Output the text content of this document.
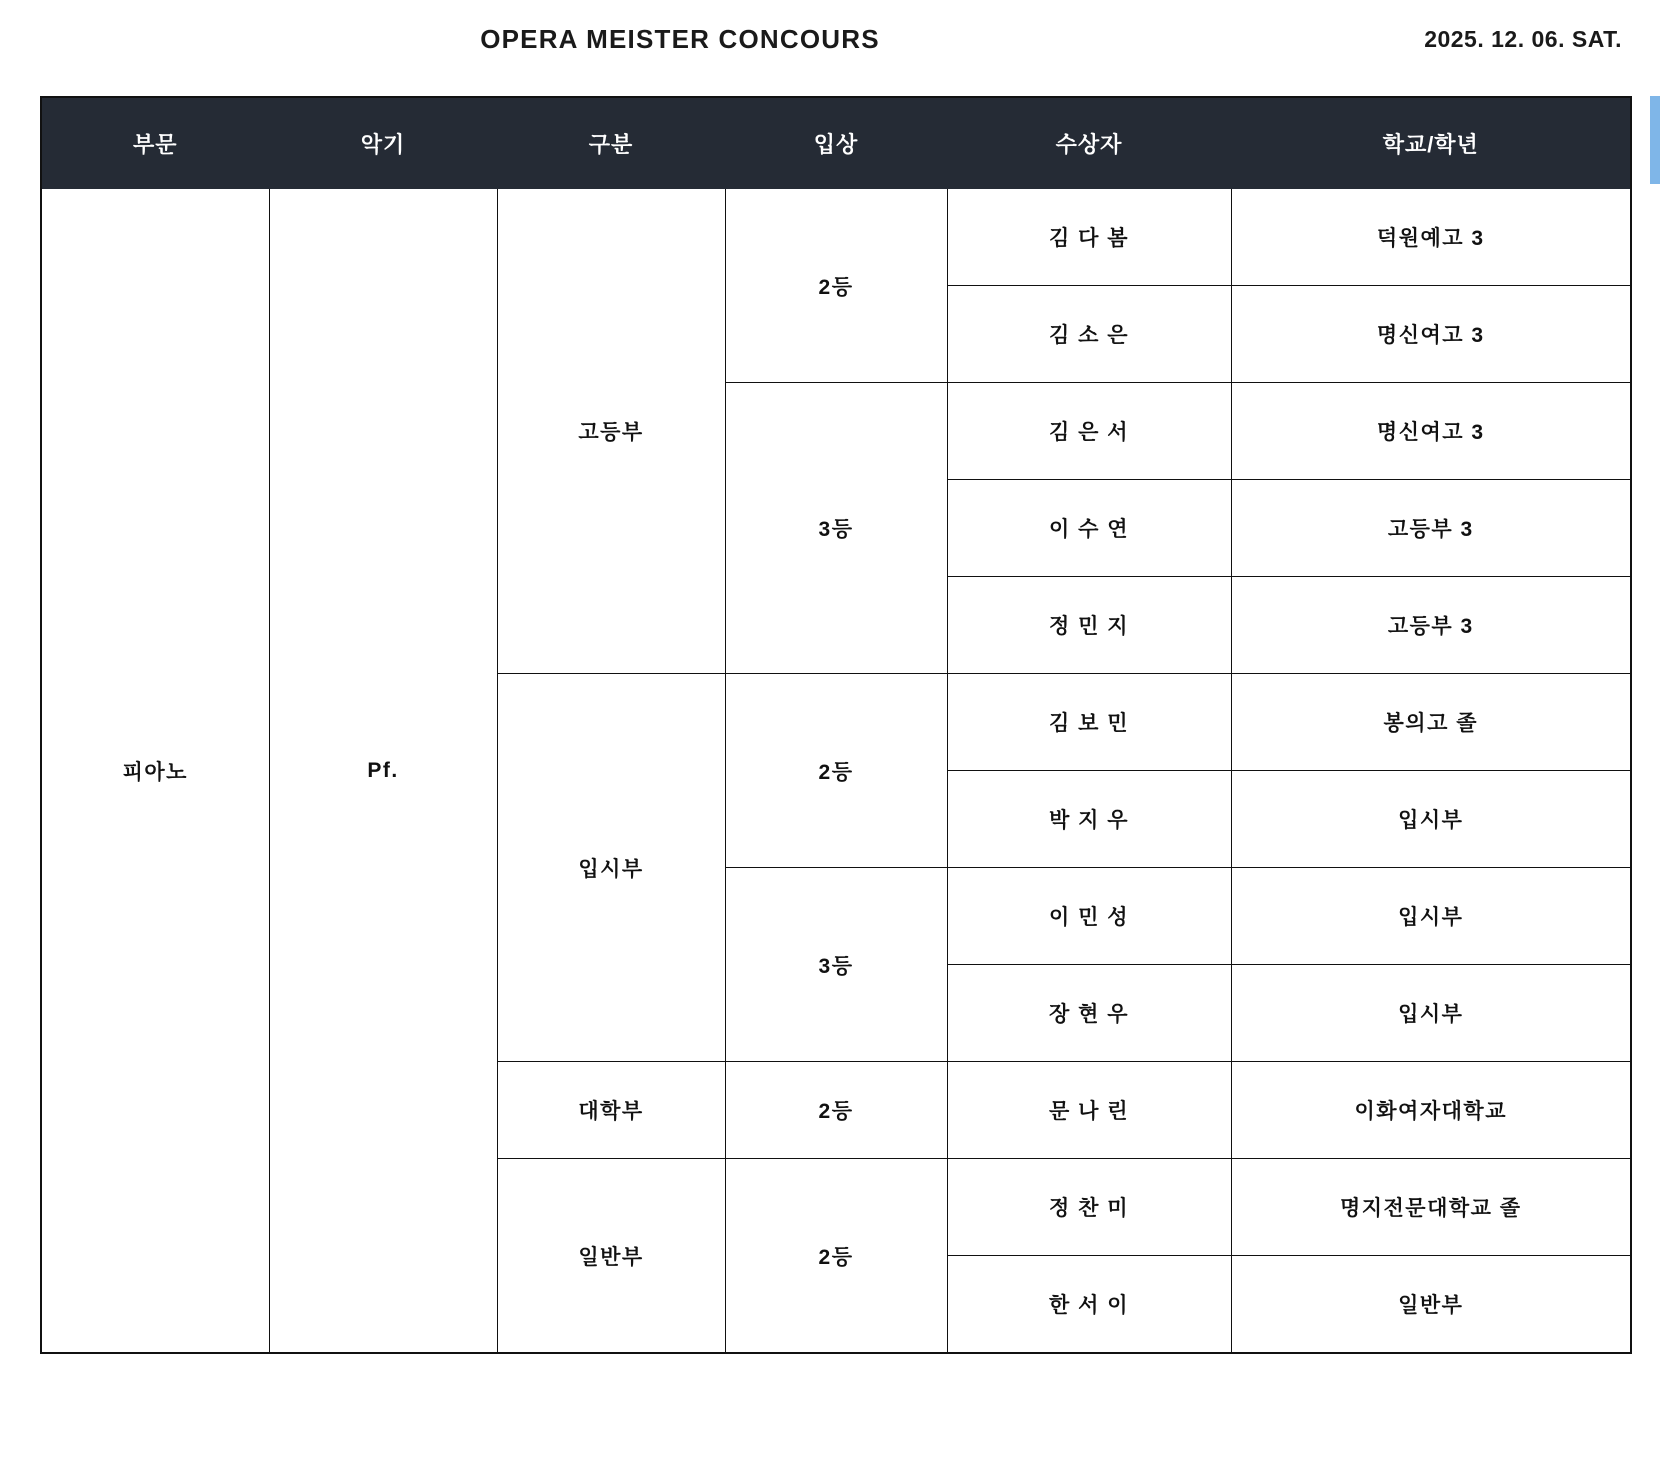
OPERA MEISTER CONCOURS	2025. 12. 06. SAT.
부문	악기	구분	입상	수상자	학교/학년
피아노	Pf.	고등부	2등	김 다 봄	덕원예고 3
				김 소 은	명신여고 3
			3등	김 은 서	명신여고 3
				이 수 연	고등부 3
				정 민 지	고등부 3
		입시부	2등	김 보 민	봉의고 졸
				박 지 우	입시부
			3등	이 민 성	입시부
				장 현 우	입시부
		대학부	2등	문 나 린	이화여자대학교
		일반부	2등	정 찬 미	명지전문대학교 졸
				한 서 이	일반부
